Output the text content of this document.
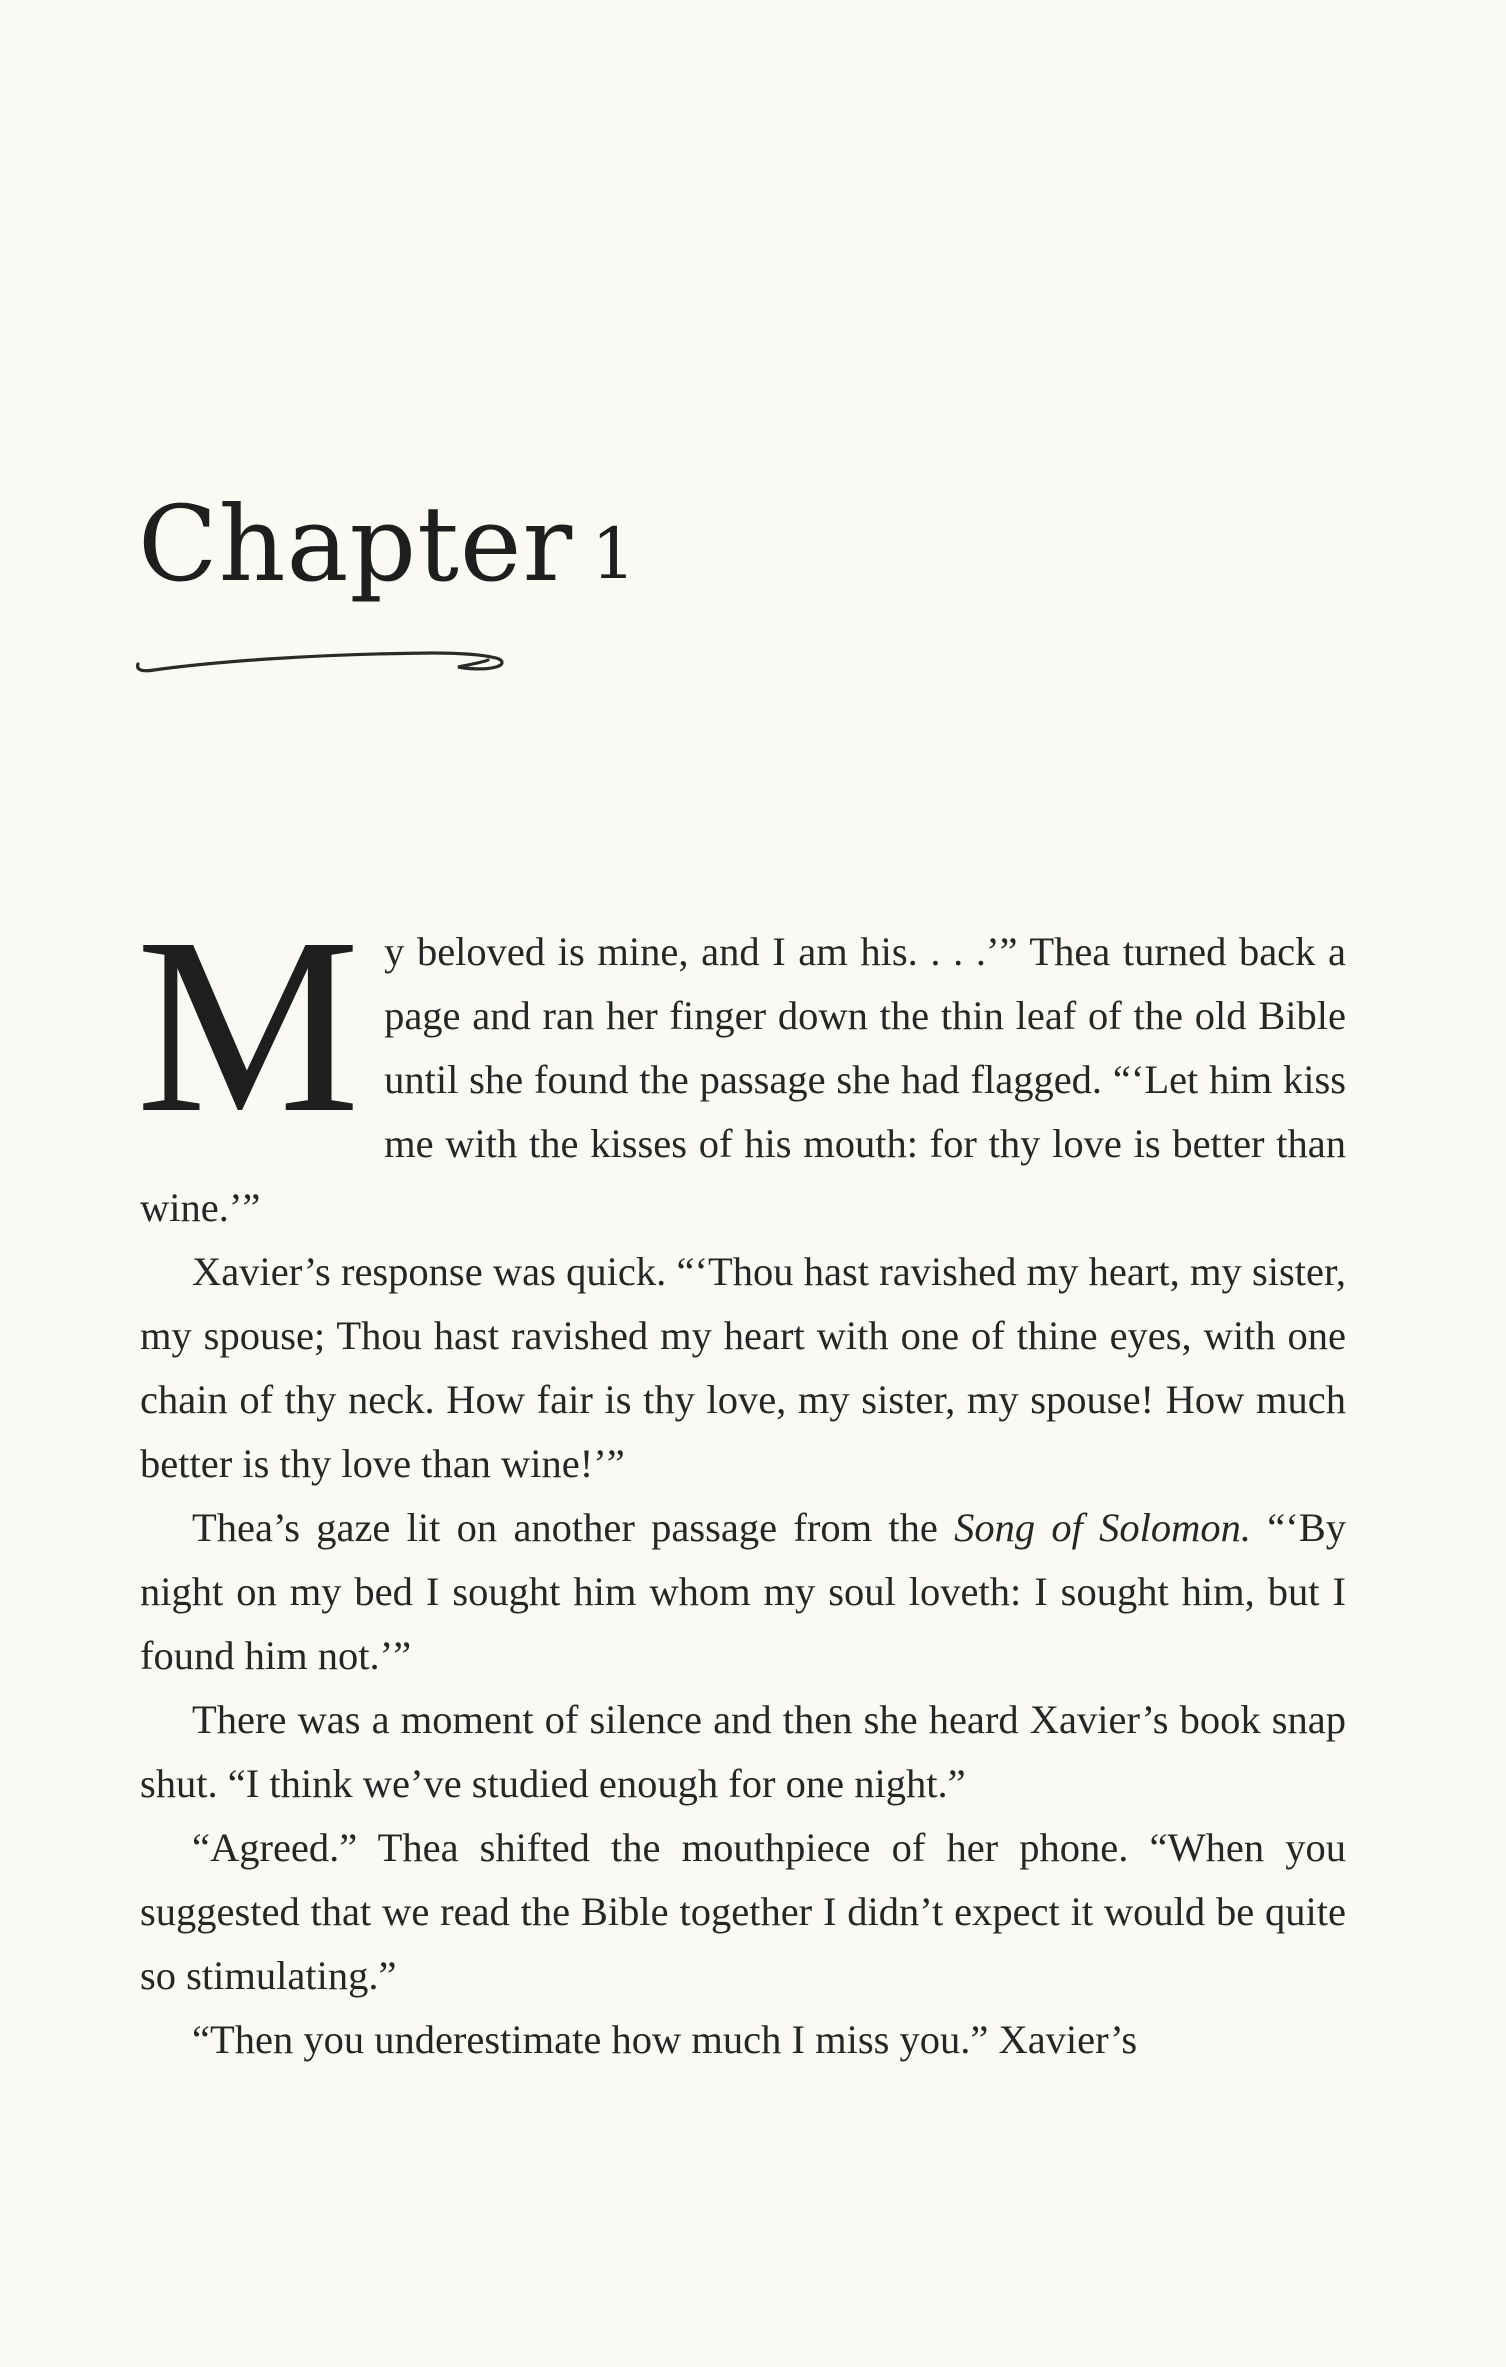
Chapter 1

My beloved is mine, and I am his. . . .’” Thea turned back a page and ran her finger down the thin leaf of the old Bible until she found the passage she had flagged. “‘Let him kiss me with the kisses of his mouth: for thy love is better than wine.’”

Xavier’s response was quick. “‘Thou hast ravished my heart, my sister, my spouse; Thou hast ravished my heart with one of thine eyes, with one chain of thy neck. How fair is thy love, my sister, my spouse! How much better is thy love than wine!’”

Thea’s gaze lit on another passage from the Song of Solomon. “‘By night on my bed I sought him whom my soul loveth: I sought him, but I found him not.’”

There was a moment of silence and then she heard Xavier’s book snap shut. “I think we’ve studied enough for one night.”

“Agreed.” Thea shifted the mouthpiece of her phone. “When you suggested that we read the Bible together I didn’t expect it would be quite so stimulating.”

“Then you underestimate how much I miss you.” Xavier’s
